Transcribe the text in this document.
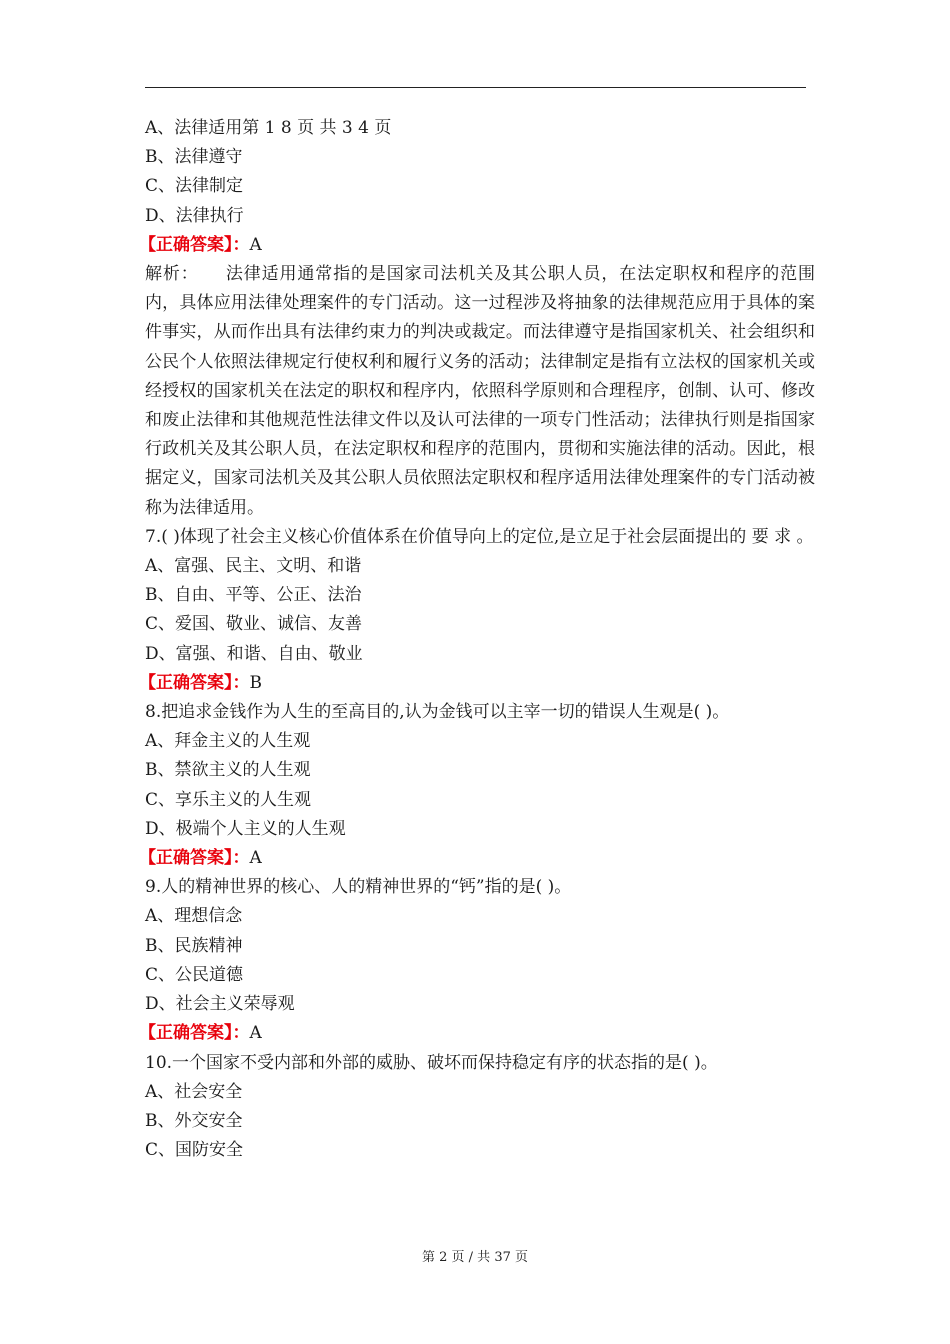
A、法律适用第 1 8 页 共 3 4 页
B、法律遵守
C、法律制定
D、法律执行
【正确答案】：A
解析：　　法律适用通常指的是国家司法机关及其公职人员，在法定职权和程序的范围内，具体应用法律处理案件的专门活动。这一过程涉及将抽象的法律规范应用于具体的案件事实，从而作出具有法律约束力的判决或裁定。而法律遵守是指国家机关、社会组织和公民个人依照法律规定行使权利和履行义务的活动；法律制定是指有立法权的国家机关或经授权的国家机关在法定的职权和程序内，依照科学原则和合理程序，创制、认可、修改和废止法律和其他规范性法律文件以及认可法律的一项专门性活动；法律执行则是指国家行政机关及其公职人员，在法定职权和程序的范围内，贯彻和实施法律的活动。因此，根据定义，国家司法机关及其公职人员依照法定职权和程序适用法律处理案件的专门活动被称为法律适用。
7.( )体现了社会主义核心价值体系在价值导向上的定位,是立足于社会层面提出的 要 求 。
A、富强、民主、文明、和谐
B、自由、平等、公正、法治
C、爱国、敬业、诚信、友善
D、富强、和谐、自由、敬业
【正确答案】：B
8.把追求金钱作为人生的至高目的,认为金钱可以主宰一切的错误人生观是( )。
A、拜金主义的人生观
B、禁欲主义的人生观
C、享乐主义的人生观
D、极端个人主义的人生观
【正确答案】：A
9.人的精神世界的核心、人的精神世界的“钙”指的是( )。
A、理想信念
B、民族精神
C、公民道德
D、社会主义荣辱观
【正确答案】：A
10.一个国家不受内部和外部的威胁、破坏而保持稳定有序的状态指的是( )。
A、社会安全
B、外交安全
C、国防安全
第 2 页 / 共 37 页
